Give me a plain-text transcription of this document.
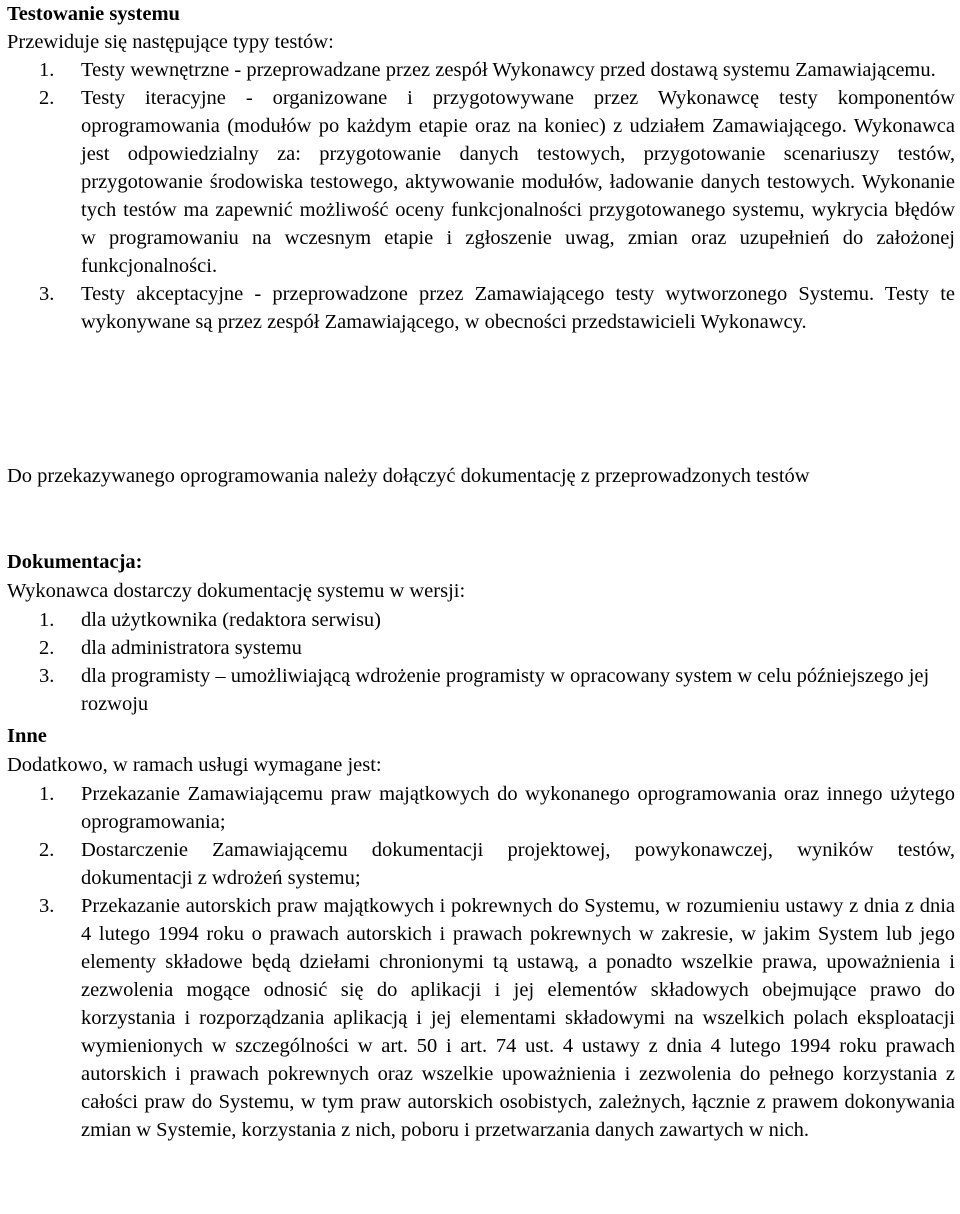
Testowanie systemu
Przewiduje się następujące typy testów:
1. Testy wewnętrzne - przeprowadzane przez zespół Wykonawcy przed dostawą systemu Zamawiającemu.
2. Testy iteracyjne - organizowane i przygotowywane przez Wykonawcę testy komponentów oprogramowania (modułów po każdym etapie oraz na koniec) z udziałem Zamawiającego. Wykonawca jest odpowiedzialny za: przygotowanie danych testowych, przygotowanie scenariuszy testów, przygotowanie środowiska testowego, aktywowanie modułów, ładowanie danych testowych. Wykonanie tych testów ma zapewnić możliwość oceny funkcjonalności przygotowanego systemu, wykrycia błędów w programowaniu na wczesnym etapie i zgłoszenie uwag, zmian oraz uzupełnień do założonej funkcjonalności.
3. Testy akceptacyjne - przeprowadzone przez Zamawiającego testy wytworzonego Systemu. Testy te wykonywane są przez zespół Zamawiającego, w obecności przedstawicieli Wykonawcy.
Do przekazywanego oprogramowania należy dołączyć dokumentację z przeprowadzonych testów
Dokumentacja:
Wykonawca dostarczy dokumentację systemu w wersji:
1. dla użytkownika (redaktora serwisu)
2. dla administratora systemu
3. dla programisty – umożliwiającą wdrożenie programisty w opracowany system w celu późniejszego jej rozwoju
Inne
Dodatkowo, w ramach usługi wymagane jest:
1. Przekazanie Zamawiającemu praw majątkowych do wykonanego oprogramowania oraz innego użytego oprogramowania;
2. Dostarczenie Zamawiającemu dokumentacji projektowej, powykonawczej, wyników testów, dokumentacji z wdrożeń systemu;
3. Przekazanie autorskich praw majątkowych i pokrewnych do Systemu, w rozumieniu ustawy z dnia z dnia 4 lutego 1994 roku o prawach autorskich i prawach pokrewnych w zakresie, w jakim System lub jego elementy składowe będą dziełami chronionymi tą ustawą, a ponadto wszelkie prawa, upoważnienia i zezwolenia mogące odnosić się do aplikacji i jej elementów składowych obejmujące prawo do korzystania i rozporządzania aplikacją i jej elementami składowymi na wszelkich polach eksploatacji wymienionych w szczególności w art. 50 i art. 74 ust. 4 ustawy z dnia 4 lutego 1994 roku prawach autorskich i prawach pokrewnych oraz wszelkie upoważnienia i zezwolenia do pełnego korzystania z całości praw do Systemu, w tym praw autorskich osobistych, zależnych, łącznie z prawem dokonywania zmian w Systemie, korzystania z nich, poboru i przetwarzania danych zawartych w nich.
